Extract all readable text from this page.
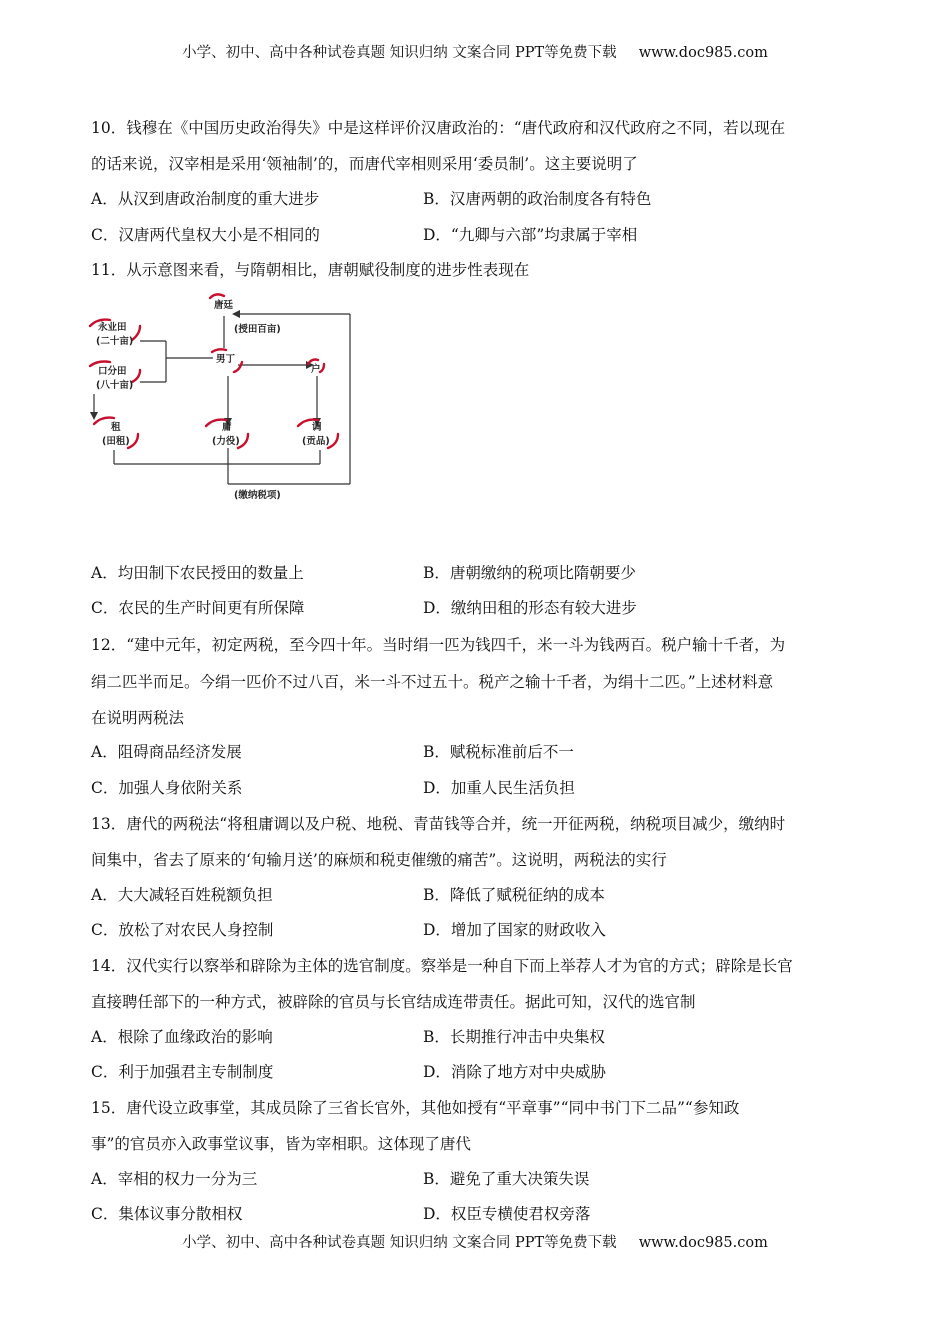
小学、初中、高中各种试卷真题 知识归纳 文案合同 PPT等免费下载 www.doc985.com
10．钱穆在《中国历史政治得失》中是这样评价汉唐政治的：“唐代政府和汉代政府之不同，若以现在
的话来说，汉宰相是采用‘领袖制’的，而唐代宰相则采用‘委员制’。这主要说明了
A．从汉到唐政治制度的重大进步	B．汉唐两朝的政治制度各有特色
C．汉唐两代皇权大小是不相同的	D．“九卿与六部”均隶属于宰相
11．从示意图来看，与隋朝相比，唐朝赋役制度的进步性表现在
唐廷
(授田百亩)
永业田
(二十亩)
口分田
(八十亩)
男丁
户
租
(田租)
庸
(力役)
调
(贡品)
(缴纳税项)
A．均田制下农民授田的数量上	B．唐朝缴纳的税项比隋朝要少
C．农民的生产时间更有所保障	D．缴纳田租的形态有较大进步
12．“建中元年，初定两税，至今四十年。当时绢一匹为钱四千，米一斗为钱两百。税户输十千者，为
绢二匹半而足。今绢一匹价不过八百，米一斗不过五十。税产之输十千者，为绢十二匹。”上述材料意
在说明两税法
A．阻碍商品经济发展	B．赋税标准前后不一
C．加强人身依附关系	D．加重人民生活负担
13．唐代的两税法“将租庸调以及户税、地税、青苗钱等合并，统一开征两税，纳税项目减少，缴纳时
间集中，省去了原来的‘旬输月送’的麻烦和税吏催缴的痛苦”。这说明，两税法的实行
A．大大减轻百姓税额负担	B．降低了赋税征纳的成本
C．放松了对农民人身控制	D．增加了国家的财政收入
14．汉代实行以察举和辟除为主体的选官制度。察举是一种自下而上举荐人才为官的方式；辟除是长官
直接聘任部下的一种方式，被辟除的官员与长官结成连带责任。据此可知，汉代的选官制
A．根除了血缘政治的影响	B．长期推行冲击中央集权
C．利于加强君主专制制度	D．消除了地方对中央威胁
15．唐代设立政事堂，其成员除了三省长官外，其他如授有“平章事”“同中书门下二品”“参知政
事”的官员亦入政事堂议事，皆为宰相职。这体现了唐代
A．宰相的权力一分为三	B．避免了重大决策失误
C．集体议事分散相权	D．权臣专横使君权旁落
小学、初中、高中各种试卷真题 知识归纳 文案合同 PPT等免费下载 www.doc985.com
